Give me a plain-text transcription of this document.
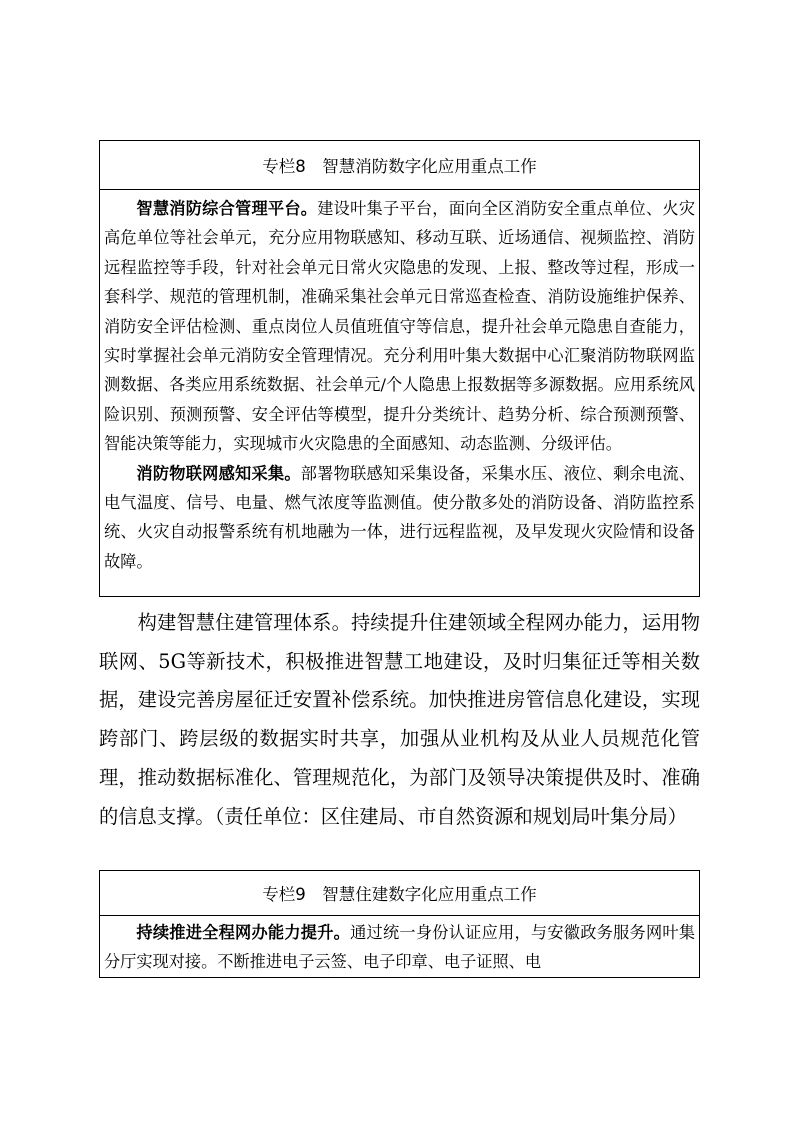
专栏8　智慧消防数字化应用重点工作

智慧消防综合管理平台。建设叶集子平台，面向全区消防安全重点单位、火灾高危单位等社会单元，充分应用物联感知、移动互联、近场通信、视频监控、消防远程监控等手段，针对社会单元日常火灾隐患的发现、上报、整改等过程，形成一套科学、规范的管理机制，准确采集社会单元日常巡查检查、消防设施维护保养、消防安全评估检测、重点岗位人员值班值守等信息，提升社会单元隐患自查能力，实时掌握社会单元消防安全管理情况。充分利用叶集大数据中心汇聚消防物联网监测数据、各类应用系统数据、社会单元/个人隐患上报数据等多源数据。应用系统风险识别、预测预警、安全评估等模型，提升分类统计、趋势分析、综合预测预警、智能决策等能力，实现城市火灾隐患的全面感知、动态监测、分级评估。

消防物联网感知采集。部署物联感知采集设备，采集水压、液位、剩余电流、电气温度、信号、电量、燃气浓度等监测值。使分散多处的消防设备、消防监控系统、火灾自动报警系统有机地融为一体，进行远程监视，及早发现火灾险情和设备故障。

构建智慧住建管理体系。持续提升住建领域全程网办能力，运用物联网、5G等新技术，积极推进智慧工地建设，及时归集征迁等相关数据，建设完善房屋征迁安置补偿系统。加快推进房管信息化建设，实现跨部门、跨层级的数据实时共享，加强从业机构及从业人员规范化管理，推动数据标准化、管理规范化，为部门及领导决策提供及时、准确的信息支撑。（责任单位：区住建局、市自然资源和规划局叶集分局）

专栏9　智慧住建数字化应用重点工作

持续推进全程网办能力提升。通过统一身份认证应用，与安徽政务服务网叶集分厅实现对接。不断推进电子云签、电子印章、电子证照、电
